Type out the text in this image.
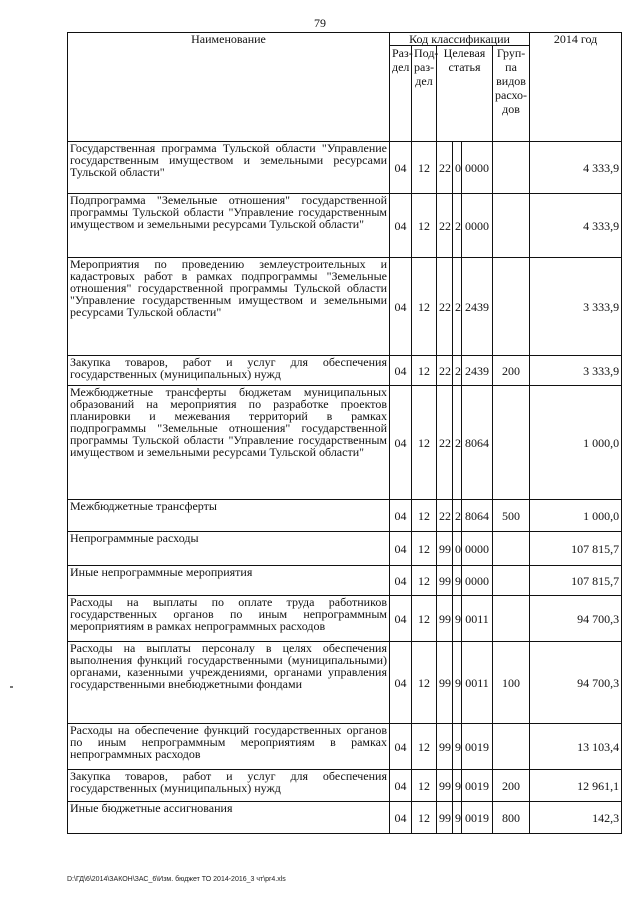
79
Наименование	Код классификации						2014 год
	Раз-дел	Под-раз-дел	Целевая статья			Груп-па видов расхо-дов	
Государственная программа Тульской области "Управление государственным имуществом и земельными ресурсами Тульской области"	04	12	22	0	0000		4 333,9
Подпрограмма "Земельные отношения" государственной программы Тульской области "Управление государственным имуществом и земельными ресурсами Тульской области"	04	12	22	2	0000		4 333,9
Мероприятия по проведению землеустроительных и кадастровых работ в рамках подпрограммы "Земельные отношения" государственной программы Тульской области "Управление государственным имуществом и земельными ресурсами Тульской области"	04	12	22	2	2439		3 333,9
Закупка товаров, работ и услуг для обеспечения государственных (муниципальных) нужд	04	12	22	2	2439	200	3 333,9
Межбюджетные трансферты бюджетам муниципальных образований на мероприятия по разработке проектов планировки и межевания территорий в рамках подпрограммы "Земельные отношения" государственной программы Тульской области "Управление государственным имуществом и земельными ресурсами Тульской области"	04	12	22	2	8064		1 000,0
Межбюджетные трансферты	04	12	22	2	8064	500	1 000,0
Непрограммные расходы	04	12	99	0	0000		107 815,7
Иные непрограммные мероприятия	04	12	99	9	0000		107 815,7
Расходы на выплаты по оплате труда работников государственных органов по иным непрограммным мероприятиям в рамках непрограммных расходов	04	12	99	9	0011		94 700,3
Расходы на выплаты персоналу в целях обеспечения выполнения функций государственными (муниципальными) органами, казенными учреждениями, органами управления государственными внебюджетными фондами	04	12	99	9	0011	100	94 700,3
Расходы на обеспечение функций государственных органов по иным непрограммным мероприятиям в рамках непрограммных расходов	04	12	99	9	0019		13 103,4
Закупка товаров, работ и услуг для обеспечения государственных (муниципальных) нужд	04	12	99	9	0019	200	12 961,1
Иные бюджетные ассигнования	04	12	99	9	0019	800	142,3
D:\ГД\6\2014\ЗАКОН\ЗАС_6\Изм. бюджет ТО 2014-2016_3 чт\pr4.xls
